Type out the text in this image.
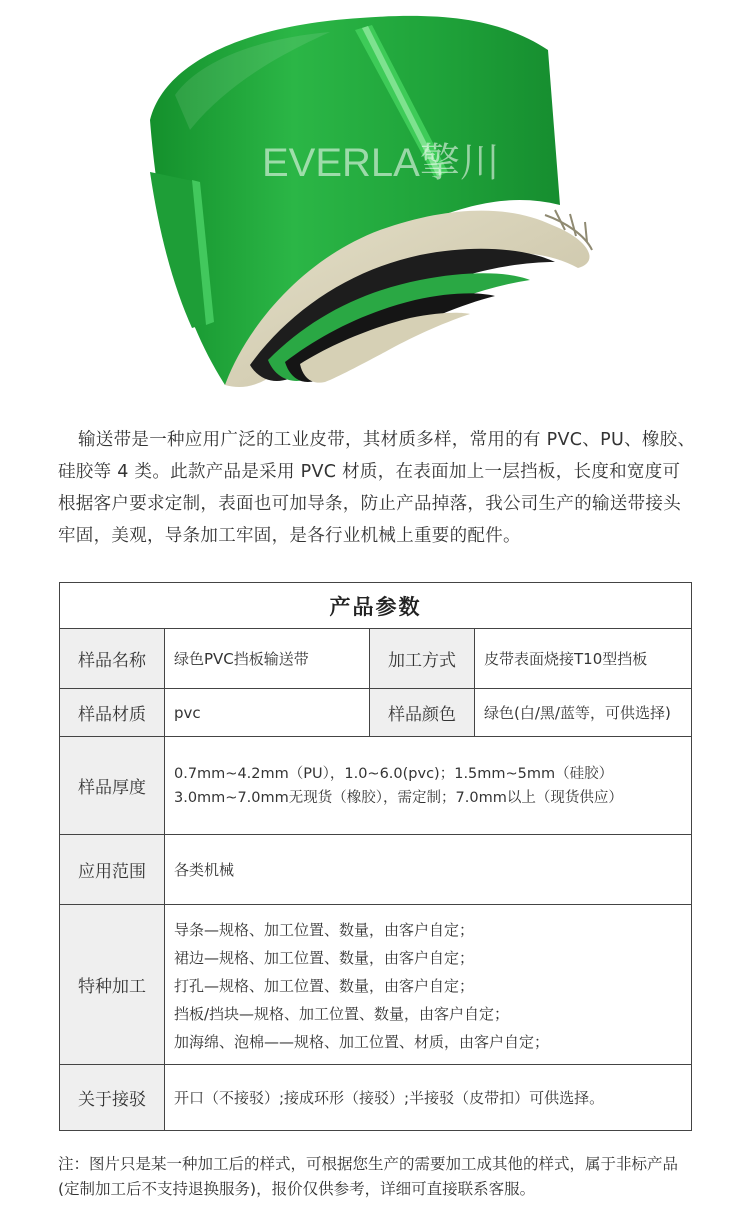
EVERLA擎川
输送带是一种应用广泛的工业皮带，其材质多样，常用的有 PVC、PU、橡胶、硅胶等 4 类。此款产品是采用 PVC 材质，在表面加上一层挡板，长度和宽度可根据客户要求定制，表面也可加导条，防止产品掉落，我公司生产的输送带接头牢固，美观，导条加工牢固，是各行业机械上重要的配件。
产品参数			
样品名称	绿色PVC挡板输送带	加工方式	皮带表面烧接T10型挡板
样品材质	pvc	样品颜色	绿色(白/黑/蓝等，可供选择)
样品厚度	0.7mm~4.2mm（PU），1.0~6.0(pvc)；1.5mm~5mm（硅胶）
3.0mm~7.0mm无现货（橡胶），需定制；7.0mm以上（现货供应）		

应用范围	各类机械		
特种加工	导条—规格、加工位置、数量，由客户自定；
裙边—规格、加工位置、数量，由客户自定；
打孔—规格、加工位置、数量，由客户自定；
挡板/挡块—规格、加工位置、数量，由客户自定；
加海绵、泡棉——规格、加工位置、材质，由客户自定；		

关于接驳	开口（不接驳）;接成环形（接驳）;半接驳（皮带扣）可供选择。		
注：图片只是某一种加工后的样式，可根据您生产的需要加工成其他的样式，属于非标产品(定制加工后不支持退换服务)，报价仅供参考，详细可直接联系客服。
